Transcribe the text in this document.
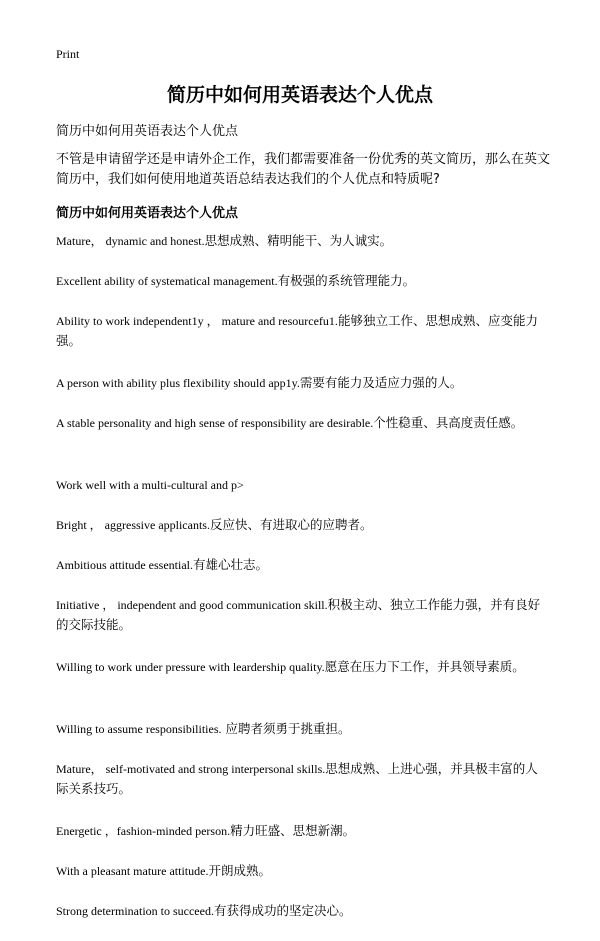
Print
简历中如何用英语表达个人优点
简历中如何用英语表达个人优点
不管是申请留学还是申请外企工作，我们都需要准备一份优秀的英文简历，那么在英文简历中，我们如何使用地道英语总结表达我们的个人优点和特质呢?
简历中如何用英语表达个人优点
Mature， dynamic and honest.思想成熟、精明能干、为人诚实。
Excellent ability of systematical management.有极强的系统管理能力。
Ability to work independent1y ， mature and resourcefu1.能够独立工作、思想成熟、应变能力强。
A person with ability plus flexibility should app1y.需要有能力及适应力强的人。
A stable personality and high sense of responsibility are desirable.个性稳重、具高度责任感。
Work well with a multi-cultural and p>
Bright ， aggressive applicants.反应快、有进取心的应聘者。
Ambitious attitude essential.有雄心壮志。
Initiative ， independent and good communication skill.积极主动、独立工作能力强，并有良好的交际技能。
Willing to work under pressure with leardership quality.愿意在压力下工作，并具领导素质。
Willing to assume responsibilities. 应聘者须勇于挑重担。
Mature， self-motivated and strong interpersonal skills.思想成熟、上进心强，并具极丰富的人际关系技巧。
Energetic ，fashion-minded person.精力旺盛、思想新潮。
With a pleasant mature attitude.开朗成熟。
Strong determination to succeed.有获得成功的坚定决心。
